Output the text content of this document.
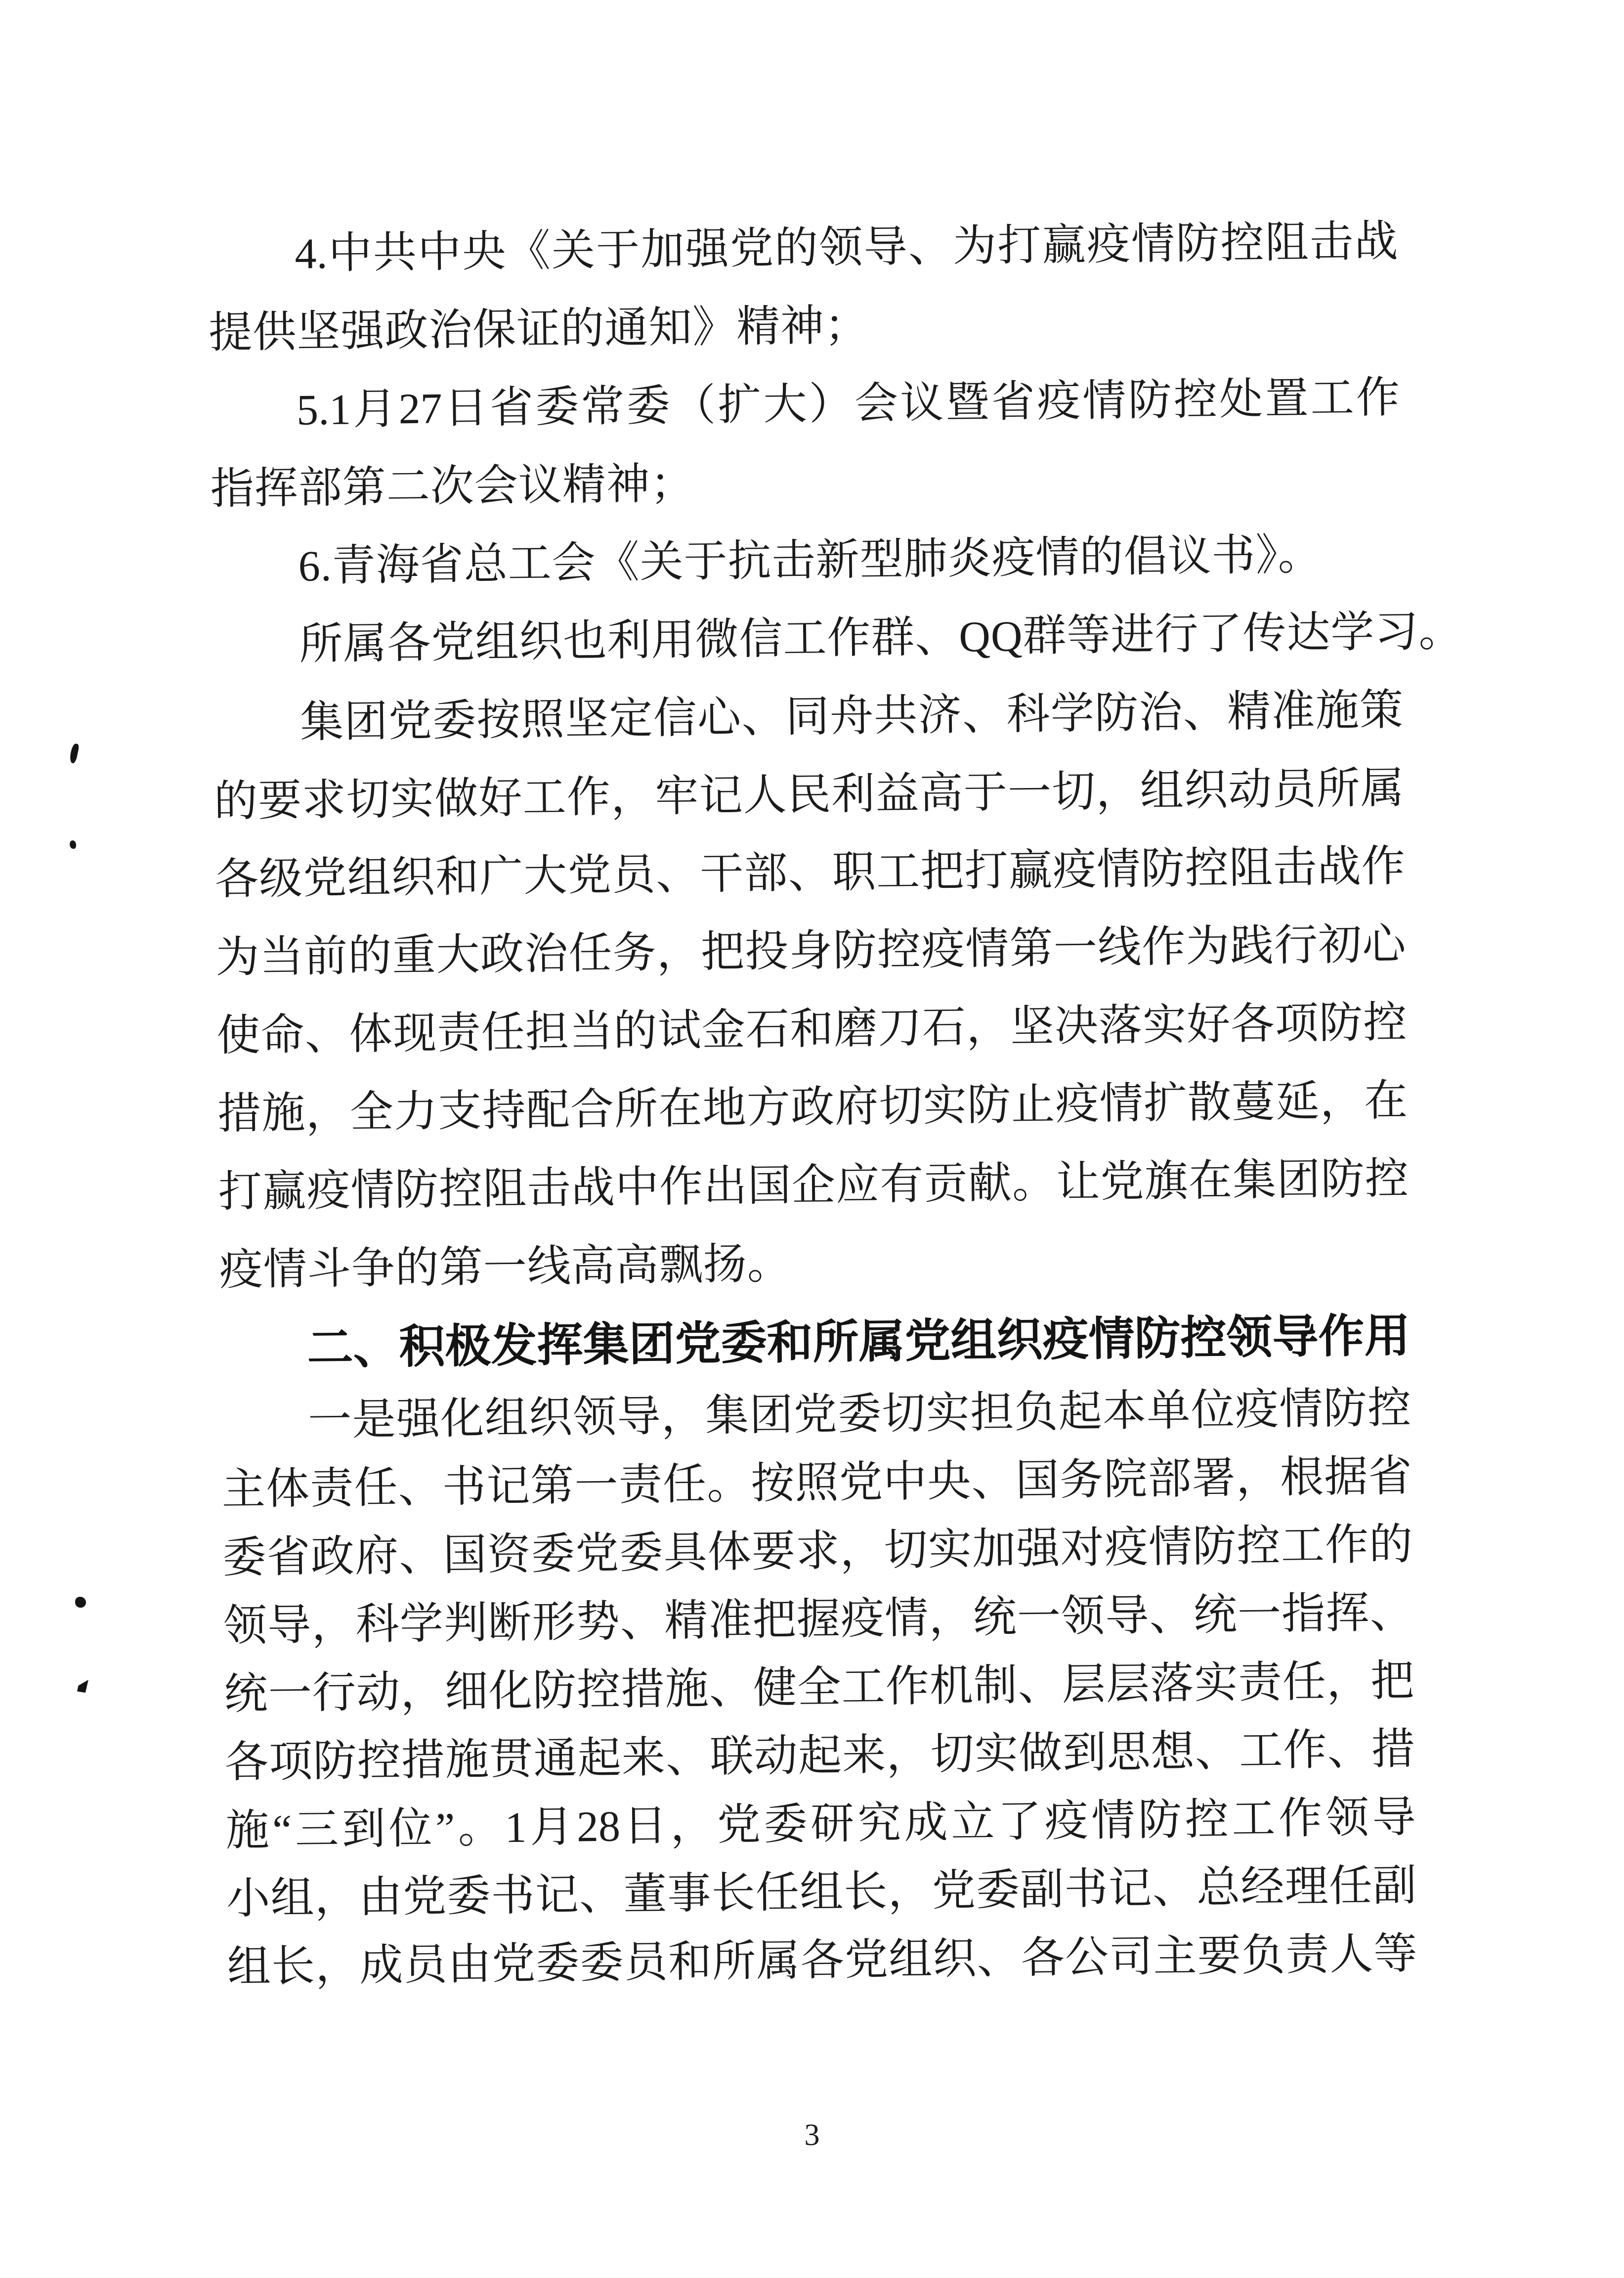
4.中共中央《关于加强党的领导、为打赢疫情防控阻击战
提供坚强政治保证的通知》精神；
5.1月27日省委常委（扩大）会议暨省疫情防控处置工作
指挥部第二次会议精神；
6.青海省总工会《关于抗击新型肺炎疫情的倡议书》。
所属各党组织也利用微信工作群、QQ群等进行了传达学习。
集团党委按照坚定信心、同舟共济、科学防治、精准施策
的要求切实做好工作，牢记人民利益高于一切，组织动员所属
各级党组织和广大党员、干部、职工把打赢疫情防控阻击战作
为当前的重大政治任务，把投身防控疫情第一线作为践行初心
使命、体现责任担当的试金石和磨刀石，坚决落实好各项防控
措施，全力支持配合所在地方政府切实防止疫情扩散蔓延，在
打赢疫情防控阻击战中作出国企应有贡献。让党旗在集团防控
疫情斗争的第一线高高飘扬。
二、积极发挥集团党委和所属党组织疫情防控领导作用
一是强化组织领导，集团党委切实担负起本单位疫情防控
主体责任、书记第一责任。按照党中央、国务院部署，根据省
委省政府、国资委党委具体要求，切实加强对疫情防控工作的
领导，科学判断形势、精准把握疫情，统一领导、统一指挥、
统一行动，细化防控措施、健全工作机制、层层落实责任，把
各项防控措施贯通起来、联动起来，切实做到思想、工作、措
施“三到位”。1月28日，党委研究成立了疫情防控工作领导
小组，由党委书记、董事长任组长，党委副书记、总经理任副
组长，成员由党委委员和所属各党组织、各公司主要负责人等
3
